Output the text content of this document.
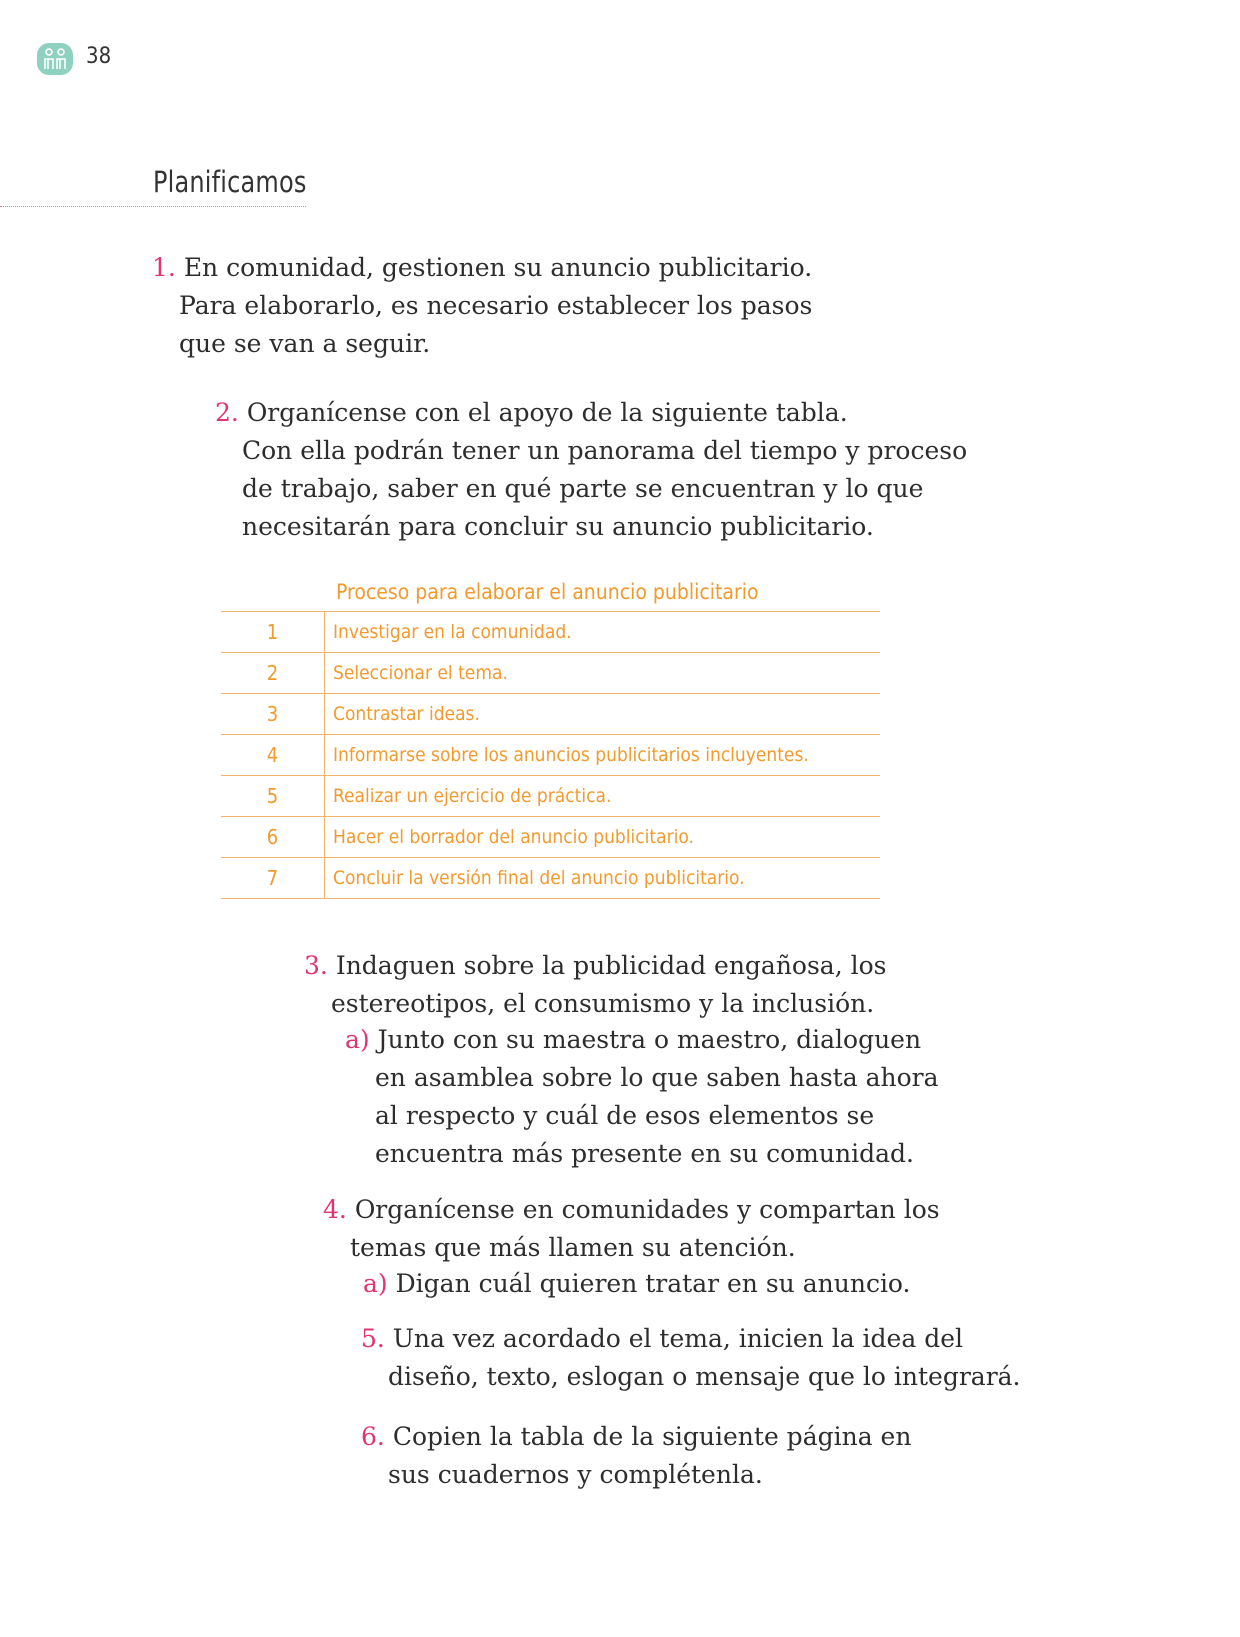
38
Planificamos
1. En comunidad, gestionen su anuncio publicitario.
Para elaborarlo, es necesario establecer los pasos
que se van a seguir.
2. Organícense con el apoyo de la siguiente tabla.
Con ella podrán tener un panorama del tiempo y proceso
de trabajo, saber en qué parte se encuentran y lo que
necesitarán para concluir su anuncio publicitario.
Proceso para elaborar el anuncio publicitario
1	Investigar en la comunidad.
2	Seleccionar el tema.
3	Contrastar ideas.
4	Informarse sobre los anuncios publicitarios incluyentes.
5	Realizar un ejercicio de práctica.
6	Hacer el borrador del anuncio publicitario.
7	Concluir la versión final del anuncio publicitario.
3. Indaguen sobre la publicidad engañosa, los
estereotipos, el consumismo y la inclusión.
a) Junto con su maestra o maestro, dialoguen
en asamblea sobre lo que saben hasta ahora
al respecto y cuál de esos elementos se
encuentra más presente en su comunidad.
4. Organícense en comunidades y compartan los
temas que más llamen su atención.
a) Digan cuál quieren tratar en su anuncio.
5. Una vez acordado el tema, inicien la idea del
diseño, texto, eslogan o mensaje que lo integrará.
6. Copien la tabla de la siguiente página en
sus cuadernos y complétenla.
